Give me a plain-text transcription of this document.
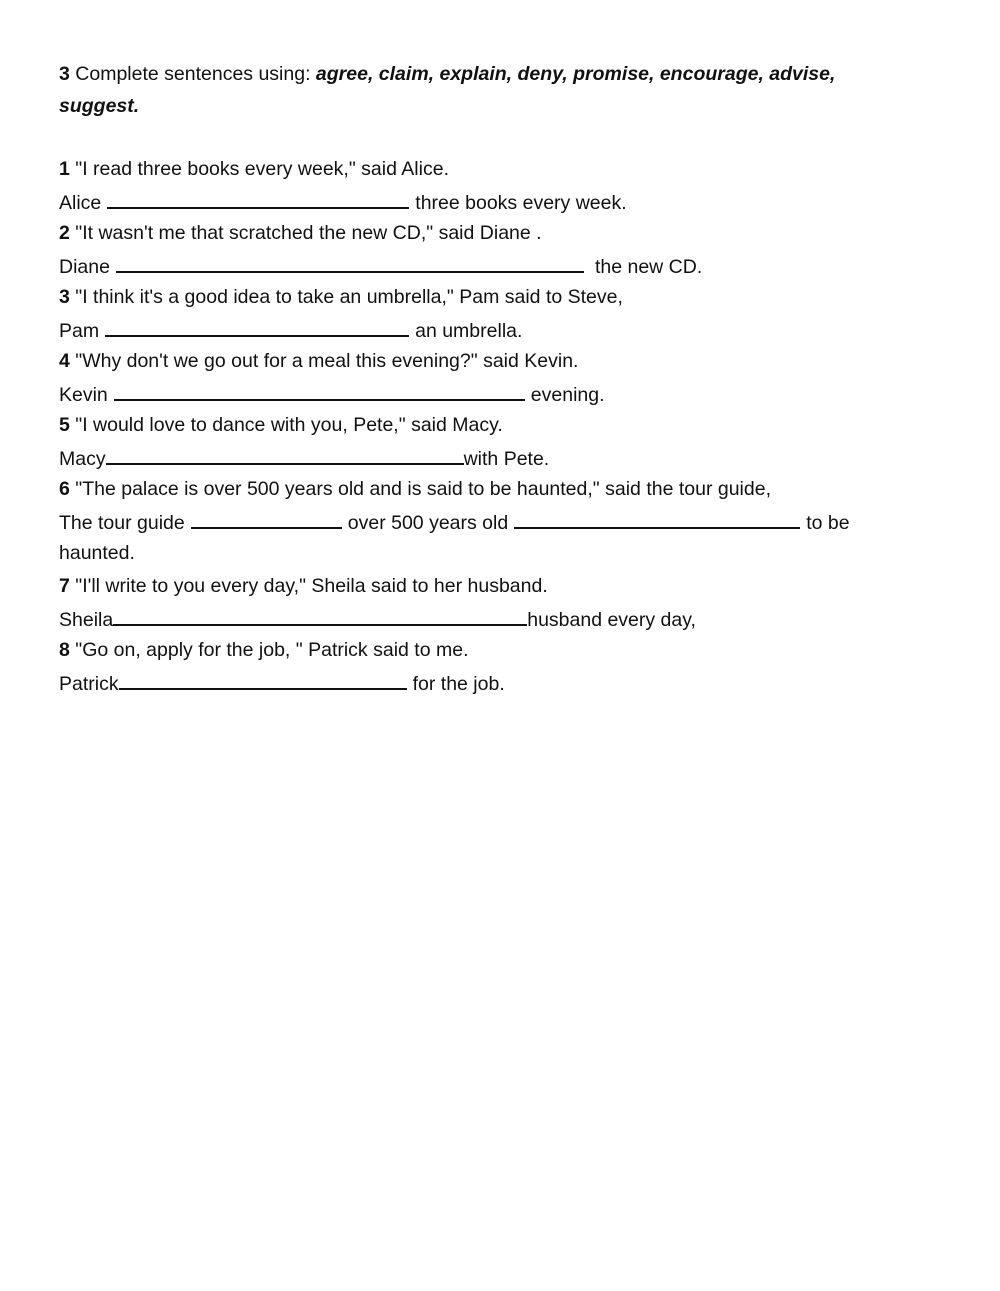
3 Complete sentences using: agree, claim, explain, deny, promise, encourage, advise, suggest.
1 "I read three books every week," said Alice.
Alice	three books every week.
2 "It wasn't me that scratched the new CD," said Diane .
Diane	the new CD.
3 "I think it's a good idea to take an umbrella," Pam said to Steve,
Pam	an umbrella.
4 "Why don't we go out for a meal this evening?" said Kevin.
Kevin	evening.
5 "I would love to dance with you, Pete," said Macy.
Macy	with Pete.
6 "The palace is over 500 years old and is said to be haunted," said the tour guide,
The tour guide	over 500 years old	to be
haunted.
7 "I'll write to you every day," Sheila said to her husband.
Sheila	husband every day,
8 "Go on, apply for the job, " Patrick said to me.
Patrick	for the job.
